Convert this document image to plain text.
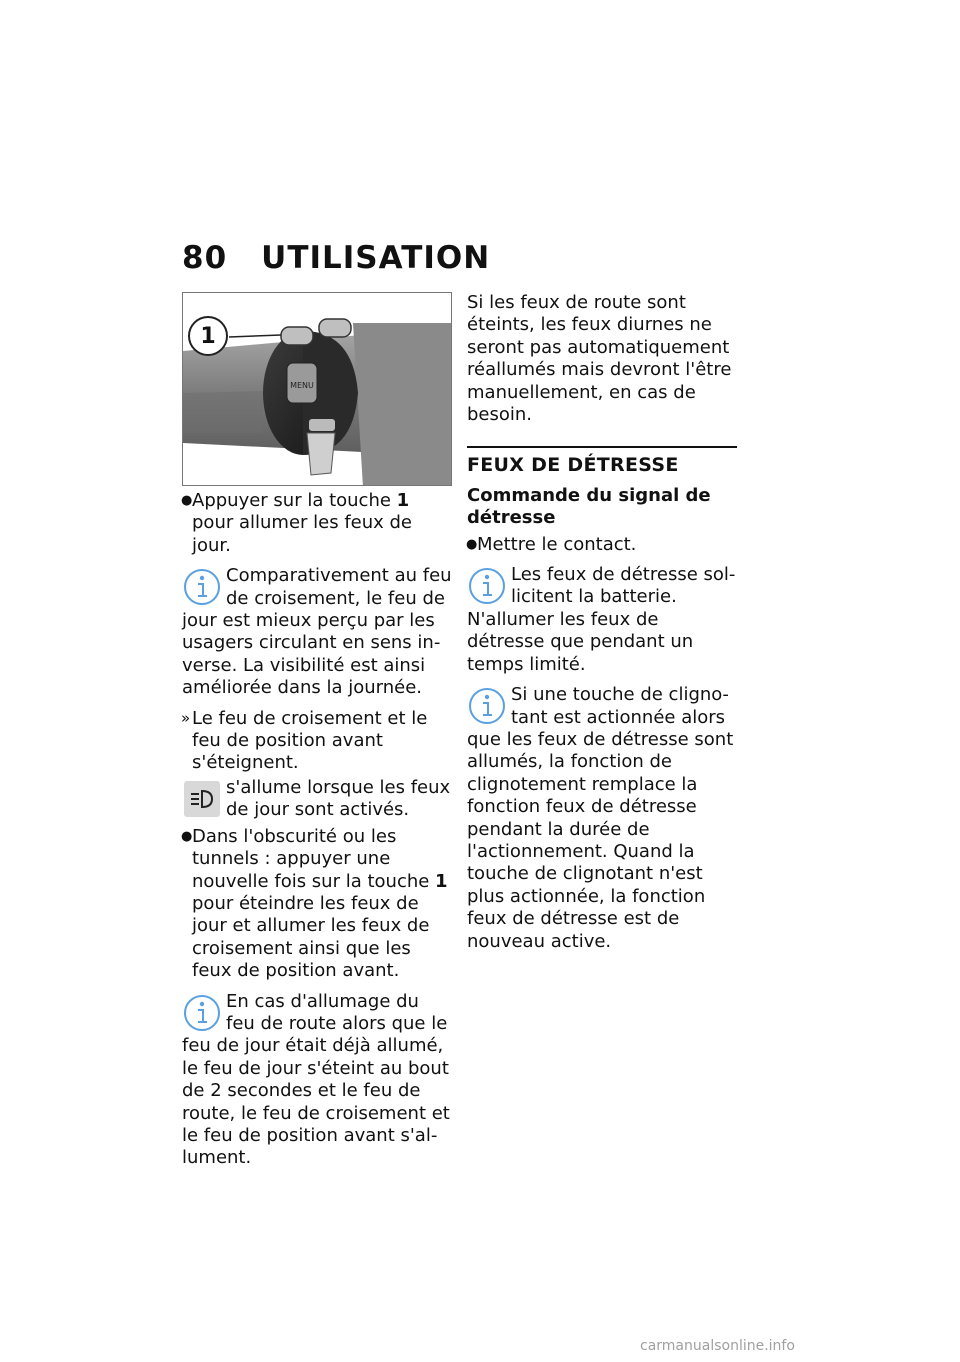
80 UTILISATION
MENU
● Appuyer sur la touche 1 pour allumer les feux de jour.
Comparativement au feu de croisement, le feu de jour est mieux perçu par les usagers circulant en sens inverse. La visibilité est ainsi améliorée dans la journée.
» Le feu de croisement et le feu de position avant s'éteignent.
s'allume lorsque les feux de jour sont activés.
● Dans l'obscurité ou les tunnels : appuyer une nouvelle fois sur la touche 1 pour éteindre les feux de jour et allumer les feux de croisement ainsi que les feux de position avant.
En cas d'allumage du feu de route alors que le feu de jour était déjà allumé, le feu de jour s'éteint au bout de 2 secondes et le feu de route, le feu de croisement et le feu de position avant s'allument.
1
Si les feux de route sont éteints, les feux diurnes ne seront pas automatiquement réallumés mais devront l'être manuellement, en cas de besoin.
FEUX DE DÉTRESSE
Commande du signal de détresse
● Mettre le contact.
Les feux de détresse sollicitent la batterie. N'allumer les feux de détresse que pendant un temps limité.
Si une touche de clignotant est actionnée alors que les feux de détresse sont allumés, la fonction de clignotement remplace la fonction feux de détresse pendant la durée de l'actionnement. Quand la touche de clignotant n'est plus actionnée, la fonction feux de détresse est de nouveau active.
carmanualsonline.info
